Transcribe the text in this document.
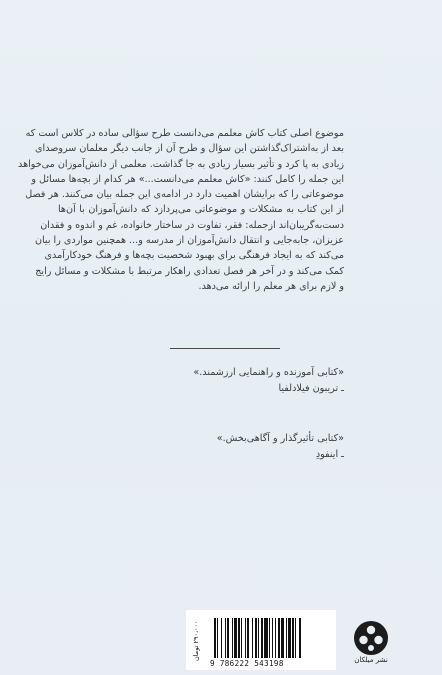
موضوع اصلی کتاب کاش معلمم می‌دانست طرح سؤالی ساده در کلاس است که
بعد از به‌اشتراک‌گذاشتن این سؤال و طرح آن از جانب دیگر معلمان سروصدای
زیادی به پا کرد و تأثیر بسیار زیادی به جا گذاشت. معلمی از دانش‌آموزان می‌خواهد
این جمله را کامل کنند: «کاش معلمم می‌دانست...» هر کدام از بچه‌ها مسائل و
موضوعاتی را که برایشان اهمیت دارد در ادامه‌ی این جمله بیان می‌کنند. هر فصل
از این کتاب به مشکلات و موضوعاتی می‌پردازد که دانش‌آموزان با آن‌ها
دست‌به‌گریبان‌اند ازجمله: فقر، تفاوت در ساختار خانواده، غم و اندوه و فقدان
عزیزان، جابه‌جایی و انتقال دانش‌آموزان از مدرسه و... همچنین مواردی را بیان
می‌کند که به ایجاد فرهنگی برای بهبود شخصیت بچه‌ها و فرهنگ خودکارآمدی
کمک می‌کند و در آخر هر فصل تعدادی راهکار مرتبط با مشکلات و مسائل رایج
و لازم برای هر معلم را ارائه می‌دهد.
«کتابی آموزنده و راهنمایی ارزشمند.»
ـ تریبون فیلادلفیا
«کتابی تأثیرگذار و آگاهی‌بخش.»
ـ اینفودِ
۲۹۰،۰۰۰ تومان
9 786222 543198	نشر میلکان
